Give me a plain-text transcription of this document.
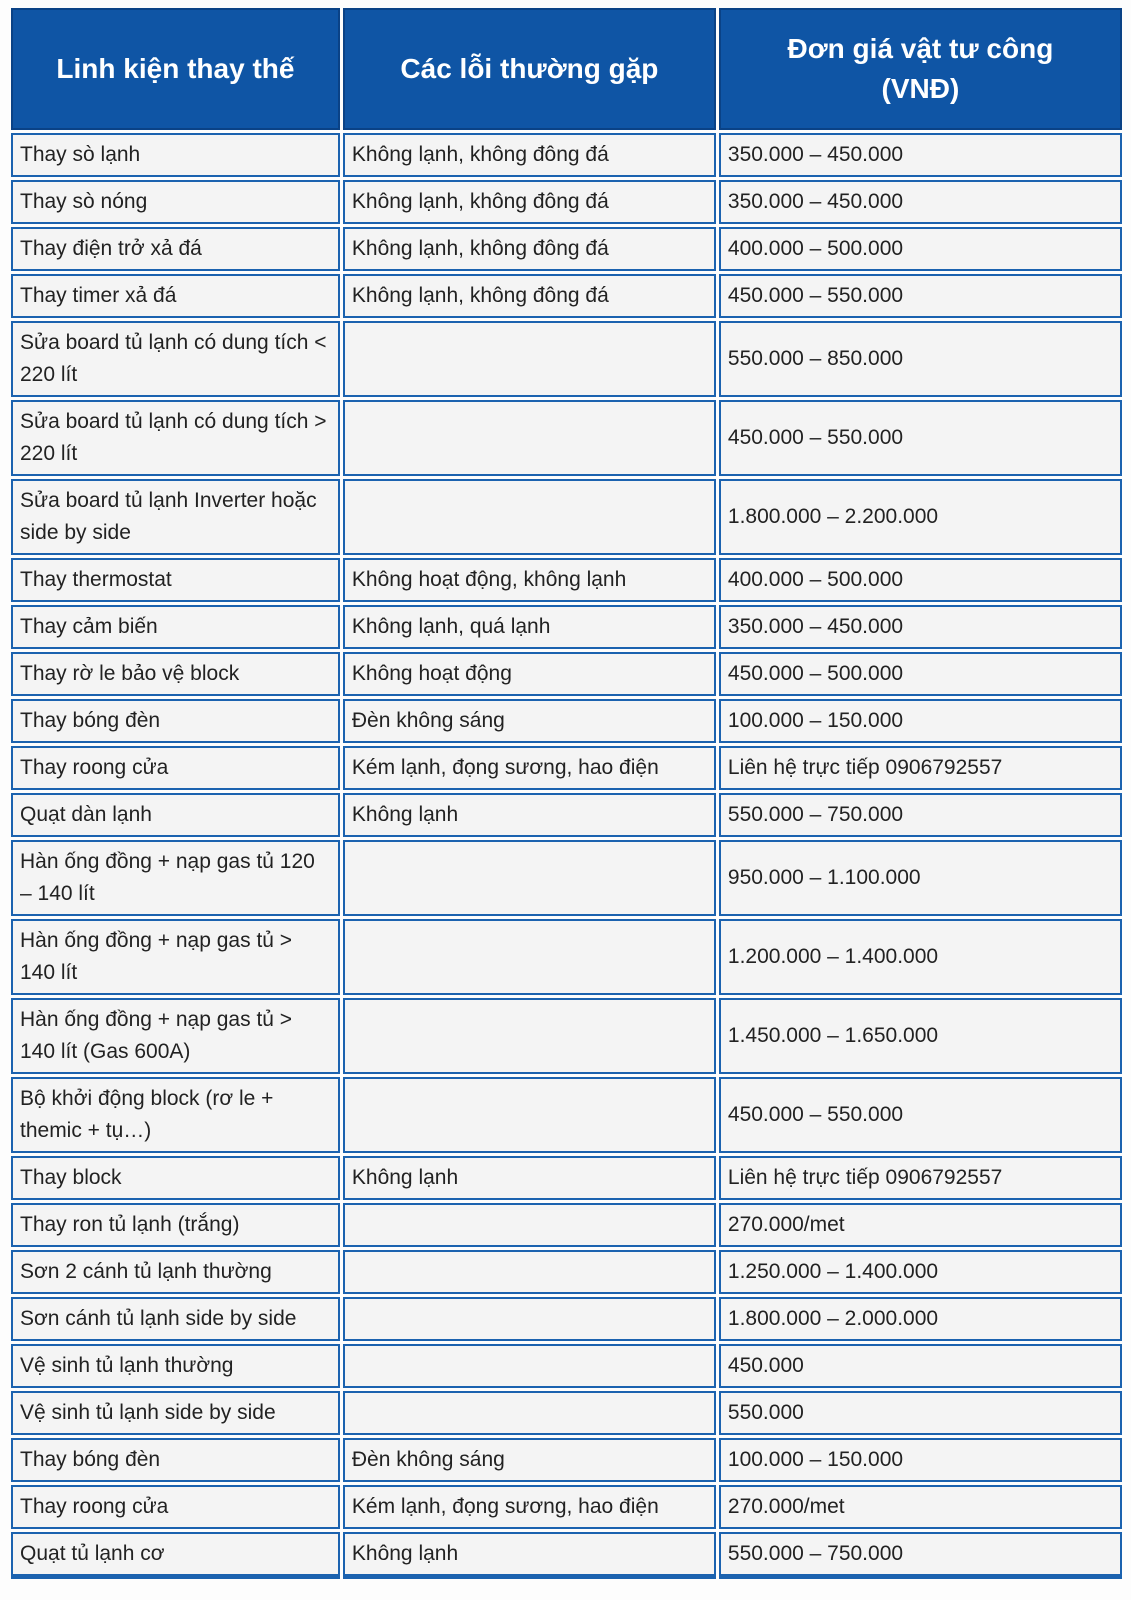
Linh kiện thay thế	Các lỗi thường gặp	Đơn giá vật tư công (VNĐ)
Thay sò lạnh	Không lạnh, không đông đá	350.000 – 450.000
Thay sò nóng	Không lạnh, không đông đá	350.000 – 450.000
Thay điện trở xả đá	Không lạnh, không đông đá	400.000 – 500.000
Thay timer xả đá	Không lạnh, không đông đá	450.000 – 550.000
Sửa board tủ lạnh có dung tích < 220 lít		550.000 – 850.000
Sửa board tủ lạnh có dung tích > 220 lít		450.000 – 550.000
Sửa board tủ lạnh Inverter hoặc side by side		1.800.000 – 2.200.000
Thay thermostat	Không hoạt động, không lạnh	400.000 – 500.000
Thay cảm biến	Không lạnh, quá lạnh	350.000 – 450.000
Thay rờ le bảo vệ block	Không hoạt động	450.000 – 500.000
Thay bóng đèn	Đèn không sáng	100.000 – 150.000
Thay roong cửa	Kém lạnh, đọng sương, hao điện	Liên hệ trực tiếp 0906792557
Quạt dàn lạnh	Không lạnh	550.000 – 750.000
Hàn ống đồng + nạp gas tủ 120 – 140 lít		950.000 – 1.100.000
Hàn ống đồng + nạp gas tủ > 140 lít		1.200.000 – 1.400.000
Hàn ống đồng + nạp gas tủ > 140 lít (Gas 600A)		1.450.000 – 1.650.000
Bộ khởi động block (rơ le + themic + tụ…)		450.000 – 550.000
Thay block	Không lạnh	Liên hệ trực tiếp 0906792557
Thay ron tủ lạnh (trắng)		270.000/met
Sơn 2 cánh tủ lạnh thường		1.250.000 – 1.400.000
Sơn cánh tủ lạnh side by side		1.800.000 – 2.000.000
Vệ sinh tủ lạnh thường		450.000
Vệ sinh tủ lạnh side by side		550.000
Thay bóng đèn	Đèn không sáng	100.000 – 150.000
Thay roong cửa	Kém lạnh, đọng sương, hao điện	270.000/met
Quạt tủ lạnh cơ	Không lạnh	550.000 – 750.000
